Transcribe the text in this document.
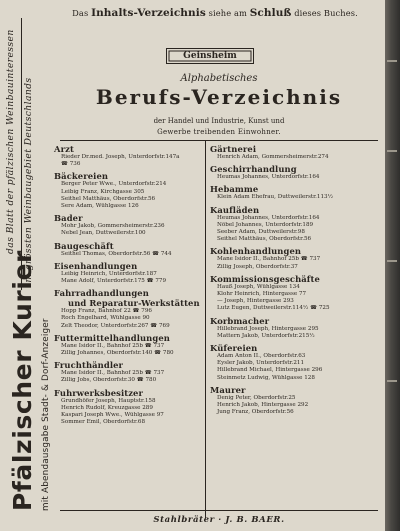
Das Inhalts-Verzeichnis siehe am Schluß dieses Buches.
das Blatt der pfälzischen Weinbauinteressen im grössten Weinbaugebiet Deutschlands
Pfälzischer Kurier mit Abendausgabe Stadt- & Dorf-Anzeiger
Geinsheim
Alphabetisches
Berufs-Verzeichnis
der Handel und Industrie, Kunst und
Gewerbe treibenden Einwohner.
Arzt
Rieder Dr.med. Joseph, Unterdorfstr.147a
☎ 736
Bäckereien
Berger Peter Wwe., Unterdorfstr.214
Leibig Franz, Kirchgasse 305
Seithel Matthäus, Oberdorfstr.56
Sere Adam, Wühlgasse 126
Bader
Mohr Jakob, Gommersheimerstr.236
Nebel Jean, Duttweilerstr.100
Baugeschäft
Seithel Thomas, Oberdorfstr.56 ☎ 744
Eisenhandlungen
Leibig Heinrich, Unterdorfstr.187
Mane Adolf, Unterdorfstr.175 ☎ 779
Fahrradhandlungen
und Reparatur-Werkstätten
Hopp Franz, Bahnhof 22 ☎ 796
Roch Engelhard, Wühlgasse 90
Zelt Theodor, Unterdorfstr.267 ☎ 769
Futtermittelhandlungen
Mane Isidor II., Bahnhof 25b ☎ 737
Zillig Johannes, Oberdorfstr.140 ☎ 780
Fruchthändler
Mane Isidor II., Bahnhof 25b ☎ 737
Zillig Jobs, Oberdorfstr.30 ☎ 780
Fuhrwerksbesitzer
Grundhöfer Joseph, Hauptstr.158
Henrich Rudolf, Kreuzgasse 289
Kaspari Joseph Wwe., Wühlgasse 97
Sommer Emil, Oberdorfstr.68
Gärtnerei
Henrich Adam, Gommersheimerstr.274
Geschirrhandlung
Heumas Johannes, Unterdorfstr.164
Hebamme
Klein Adam Ehefrau, Duttweilerstr.113½
Kaufläden
Heumas Johannes, Unterdorfstr.164
Nöbel Johannes, Unterdorfstr.189
Seeber Adam, Duttweilerstr.98
Seithel Matthäus, Oberdorfstr.56
Kohlenhandlungen
Mane Isidor II., Bahnhof 25b ☎ 737
Zillig Joseph, Oberdorfstr.37
Kommissionsgeschäfte
Hauß Joseph, Wühlgasse 134
Klohr Heinrich, Hintergasse 77
— Joseph, Hintergasse 293
Lutz Eugen, Duttweilerstr.114½ ☎ 725
Korbmacher
Hillebrand Joseph, Hintergasse 295
Mattern Jakob, Unterdorfstr.215½
Küfereien
Adam Anton II., Oberdorfstr.63
Eysler Jakob, Unterdorfstr.211
Hillebrand Michael, Hintergasse 296
Steinmetz Ludwig, Wühlgasse 128
Maurer
Denig Peter, Oberdorfstr.25
Henrich Jakob, Hintergasse 292
Jung Franz, Oberdorfstr.56
Stahlbräter · J. B. BAER.
